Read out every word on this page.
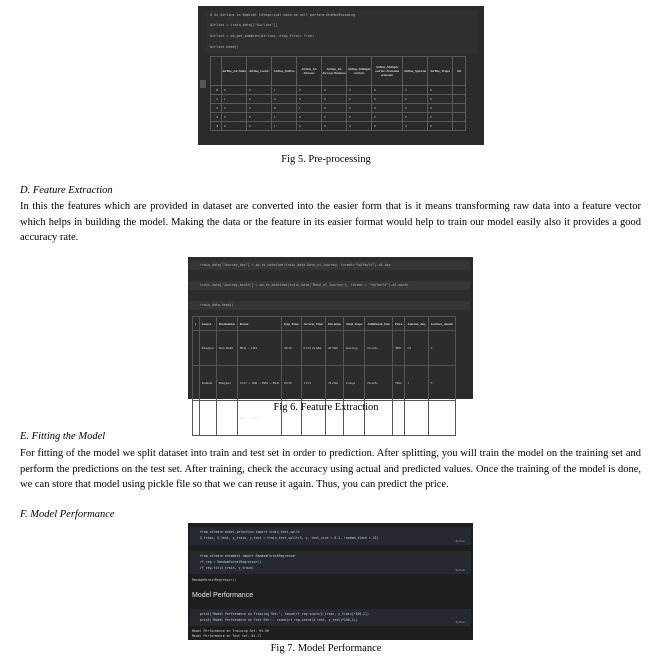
# As Airline is Nominal Categorical data we will perform OneHotEncoding
Airline = train_data[["Airline"]]
Airline = pd.get_dummies(Airline, drop_first= True)
Airline.head()
	Airline_Air India	Airline_GoAir	Airline_IndiGo	Airline_Jet Airways	Airline_Jet Airways Business	Airline_Multiple carriers	Airline_Multiple carriers Premium economy	Airline_SpiceJet	Airline_Trujet	Air
0	0	0	1	0	0	0	0	0	0	
1	1	0	0	0	0	0	0	0	0	
2	0	0	0	1	0	0	0	0	0	
3	0	0	1	0	0	0	0	0	0	
4	0	0	1	0	0	0	0	0	0	
Fig 5. Pre-processing
D. Feature Extraction
In this the features which are provided in dataset are converted into the easier form that is it means transforming raw data into a feature vector which helps in building the model. Making the data or the feature in its easier format would help to train our model easily also it provides a good accuracy rate.
train_data["Journey_day"] = pd.to_datetime(train_data.Date_of_Journey, format="%d/%m/%Y").dt.day
train_data["Journey_month"] = pd.to_datetime(train_data["Date_of_Journey"], format = "%d/%m/%Y").dt.month
train_data.head()
y	Source	Destination	Route	Dep_Time	Arrival_Time	Duration	Total_Stops	Additional_Info	Price	Journey_day	Journey_month
	Banglore	New Delhi	BLR → DEL	22:20	01:10 22 Mar	2h 50m	non-stop	No info	3897	24	3
	Kolkata	Banglore	CCU → IXR → BBI → BLR	05:50	13:15	7h 25m	2 stops	No info	7662	1	5
			DEL → LKO								
Fig 6. Feature Extraction
E. Fitting the Model
For fitting of the model we split dataset into train and test set in order to prediction. After splitting, you will train the model on the training set and perform the predictions on the test set. After training, check the accuracy using actual and predicted values. Once the training of the model is done, we can store that model using pickle file so that we can reuse it again. Thus, you can predict the price.
F. Model Performance
from sklearn.model_selection import train_test_split
X_train, X_test, y_train, y_test = train_test_split(X, y, test_size = 0.2, random_state = 42)
Python
from sklearn.ensemble import RandomForestRegressor
rf_reg = RandomForestRegressor()
rf_reg.fit(X_train, y_train)
Python
RandomForestRegressor()
Model Performance
print('Model Performance on Training Set:', round(rf_reg.score(X_train, y_train)*100,2))
print('Model Performance on Test Set:', round(rf_reg.score(X_test, y_test)*100,2))
Python
Model Performance on Training Set: 95.96
Model Performance on Test Set: 81.71
Fig 7. Model Performance
